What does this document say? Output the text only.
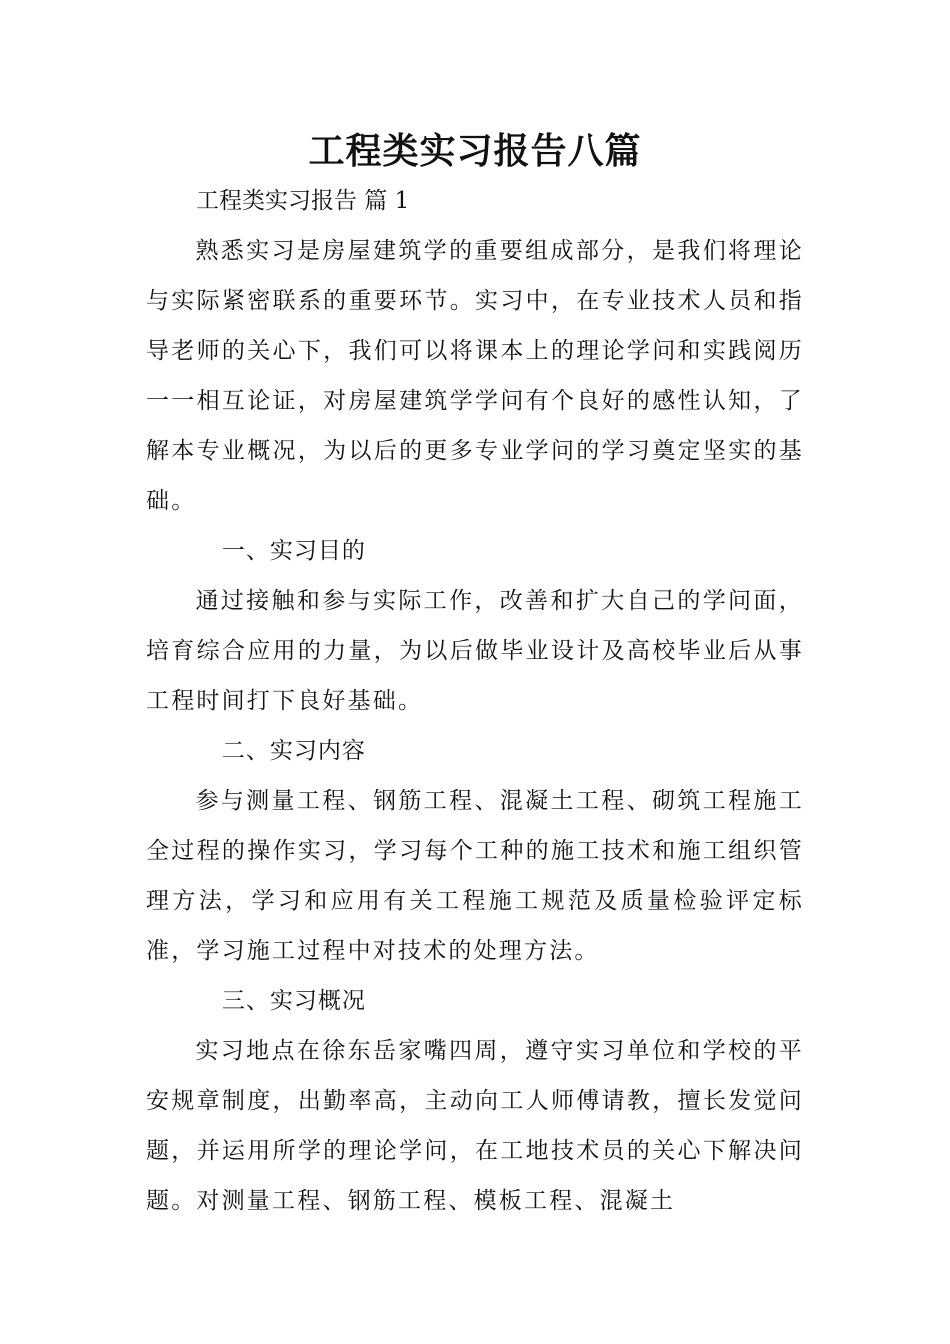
工程类实习报告八篇

工程类实习报告 篇 1

熟悉实习是房屋建筑学的重要组成部分，是我们将理论与实际紧密联系的重要环节。实习中，在专业技术人员和指导老师的关心下，我们可以将课本上的理论学问和实践阅历一一相互论证，对房屋建筑学学问有个良好的感性认知，了解本专业概况，为以后的更多专业学问的学习奠定坚实的基础。

一、实习目的

通过接触和参与实际工作，改善和扩大自己的学问面，培育综合应用的力量，为以后做毕业设计及高校毕业后从事工程时间打下良好基础。

二、实习内容

参与测量工程、钢筋工程、混凝土工程、砌筑工程施工全过程的操作实习，学习每个工种的施工技术和施工组织管理方法，学习和应用有关工程施工规范及质量检验评定标准，学习施工过程中对技术的处理方法。

三、实习概况

实习地点在徐东岳家嘴四周，遵守实习单位和学校的平安规章制度，出勤率高，主动向工人师傅请教，擅长发觉问题，并运用所学的理论学问，在工地技术员的关心下解决问题。对测量工程、钢筋工程、模板工程、混凝土
